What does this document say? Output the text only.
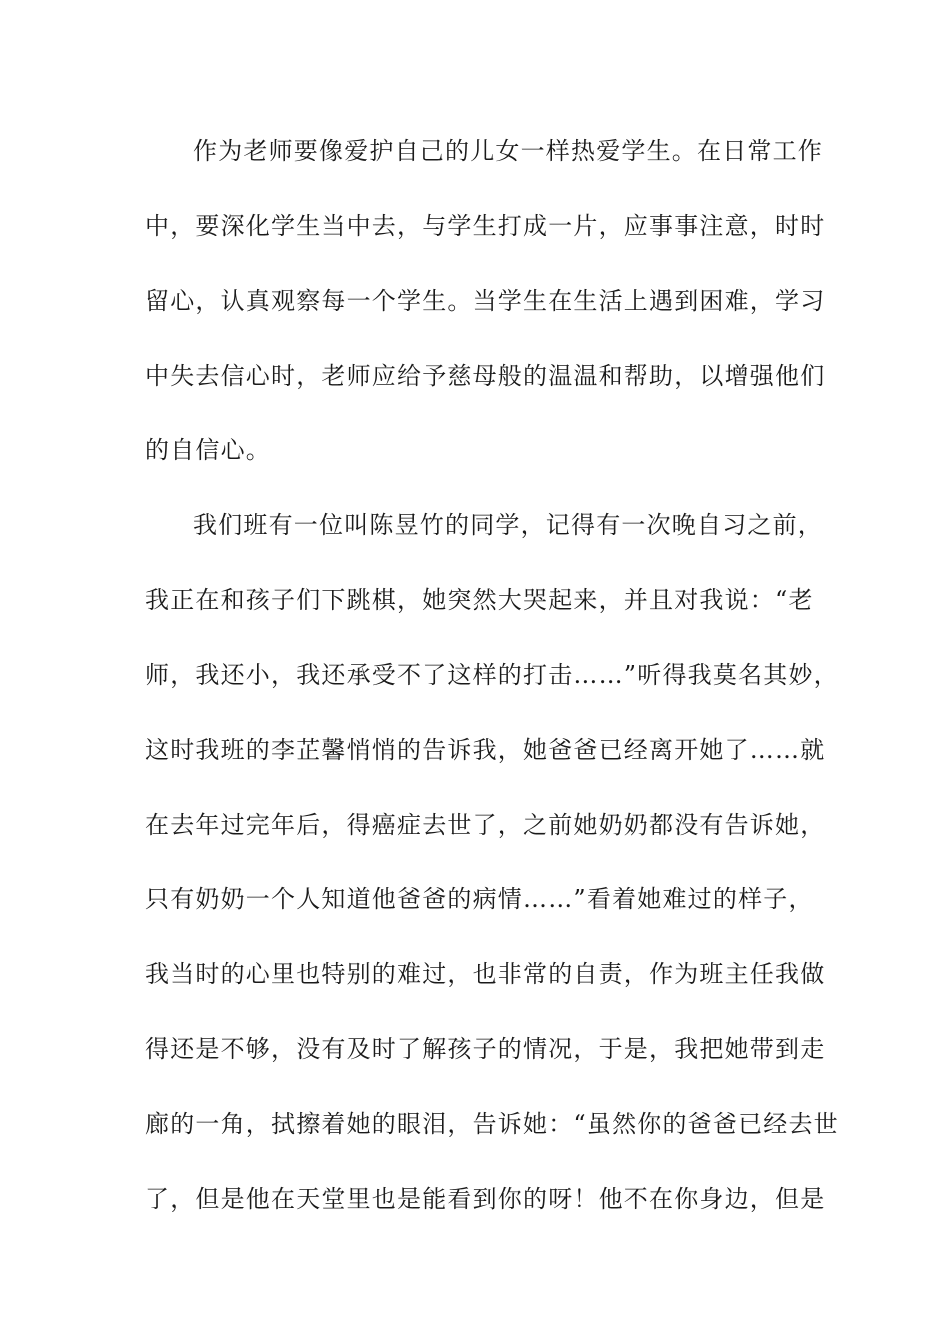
作为老师要像爱护自己的儿女一样热爱学生。在日常工作
中，要深化学生当中去，与学生打成一片，应事事注意，时时
留心，认真观察每一个学生。当学生在生活上遇到困难，学习
中失去信心时，老师应给予慈母般的温温和帮助，以增强他们
的自信心。
我们班有一位叫陈昱竹的同学，记得有一次晚自习之前，
我正在和孩子们下跳棋，她突然大哭起来，并且对我说：“老
师，我还小，我还承受不了这样的打击……”听得我莫名其妙，
这时我班的李芷馨悄悄的告诉我，她爸爸已经离开她了……就
在去年过完年后，得癌症去世了，之前她奶奶都没有告诉她，
只有奶奶一个人知道他爸爸的病情……”看着她难过的样子，
我当时的心里也特别的难过，也非常的自责，作为班主任我做
得还是不够，没有及时了解孩子的情况，于是，我把她带到走
廊的一角，拭擦着她的眼泪，告诉她：“虽然你的爸爸已经去世
了，但是他在天堂里也是能看到你的呀！他不在你身边，但是
